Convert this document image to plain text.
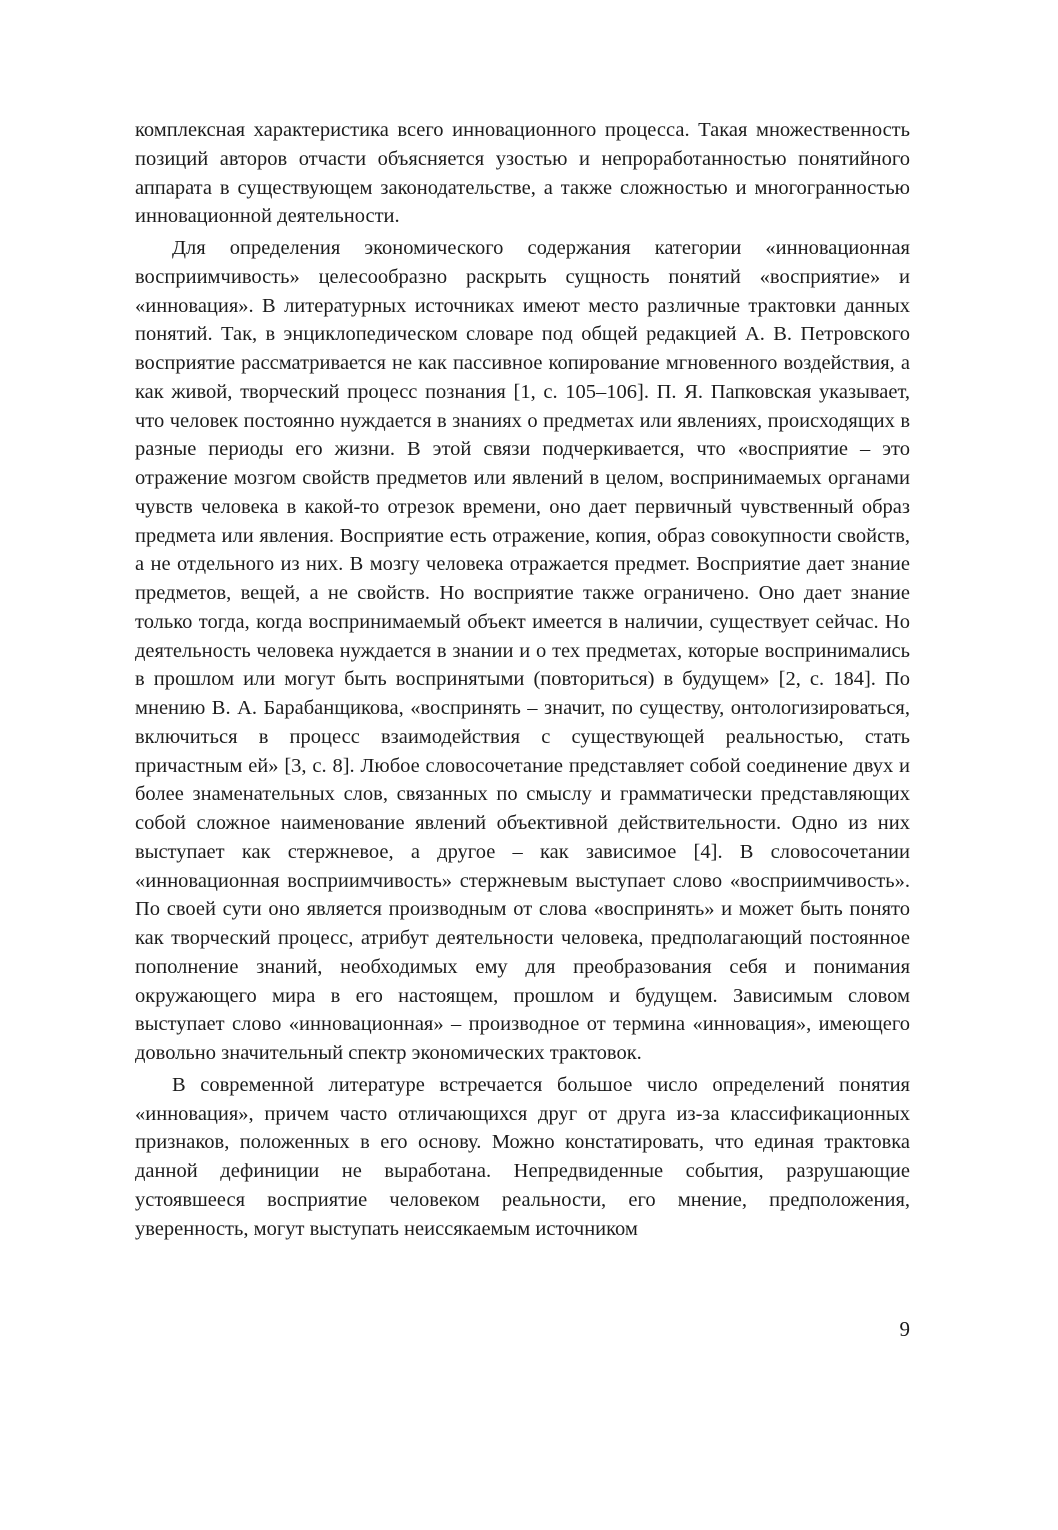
комплексная характеристика всего инновационного процесса. Такая множественность позиций авторов отчасти объясняется узостью и непроработанностью понятийного аппарата в существующем законодательстве, а также сложностью и многогранностью инновационной деятельности.

Для определения экономического содержания категории «инновационная восприимчивость» целесообразно раскрыть сущность понятий «восприятие» и «инновация». В литературных источниках имеют место различные трактовки данных понятий. Так, в энциклопедическом словаре под общей редакцией А. В. Петровского восприятие рассматривается не как пассивное копирование мгновенного воздействия, а как живой, творческий процесс познания [1, с. 105–106]. П. Я. Папковская указывает, что человек постоянно нуждается в знаниях о предметах или явлениях, происходящих в разные периоды его жизни. В этой связи подчеркивается, что «восприятие – это отражение мозгом свойств предметов или явлений в целом, воспринимаемых органами чувств человека в какой-то отрезок времени, оно дает первичный чувственный образ предмета или явления. Восприятие есть отражение, копия, образ совокупности свойств, а не отдельного из них. В мозгу человека отражается предмет. Восприятие дает знание предметов, вещей, а не свойств. Но восприятие также ограничено. Оно дает знание только тогда, когда воспринимаемый объект имеется в наличии, существует сейчас. Но деятельность человека нуждается в знании и о тех предметах, которые воспринимались в прошлом или могут быть воспринятыми (повториться) в будущем» [2, с. 184]. По мнению В. А. Барабанщикова, «воспринять – значит, по существу, онтологизироваться, включиться в процесс взаимодействия с существующей реальностью, стать причастным ей» [3, с. 8]. Любое словосочетание представляет собой соединение двух и более знаменательных слов, связанных по смыслу и грамматически представляющих собой сложное наименование явлений объективной действительности. Одно из них выступает как стержневое, а другое – как зависимое [4]. В словосочетании «инновационная восприимчивость» стержневым выступает слово «восприимчивость». По своей сути оно является производным от слова «воспринять» и может быть понято как творческий процесс, атрибут деятельности человека, предполагающий постоянное пополнение знаний, необходимых ему для преобразования себя и понимания окружающего мира в его настоящем, прошлом и будущем. Зависимым словом выступает слово «инновационная» – производное от термина «инновация», имеющего довольно значительный спектр экономических трактовок.

В современной литературе встречается большое число определений понятия «инновация», причем часто отличающихся друг от друга из-за классификационных признаков, положенных в его основу. Можно констатировать, что единая трактовка данной дефиниции не выработана. Непредвиденные события, разрушающие устоявшееся восприятие человеком реальности, его мнение, предположения, уверенность, могут выступать неиссякаемым источником

9
